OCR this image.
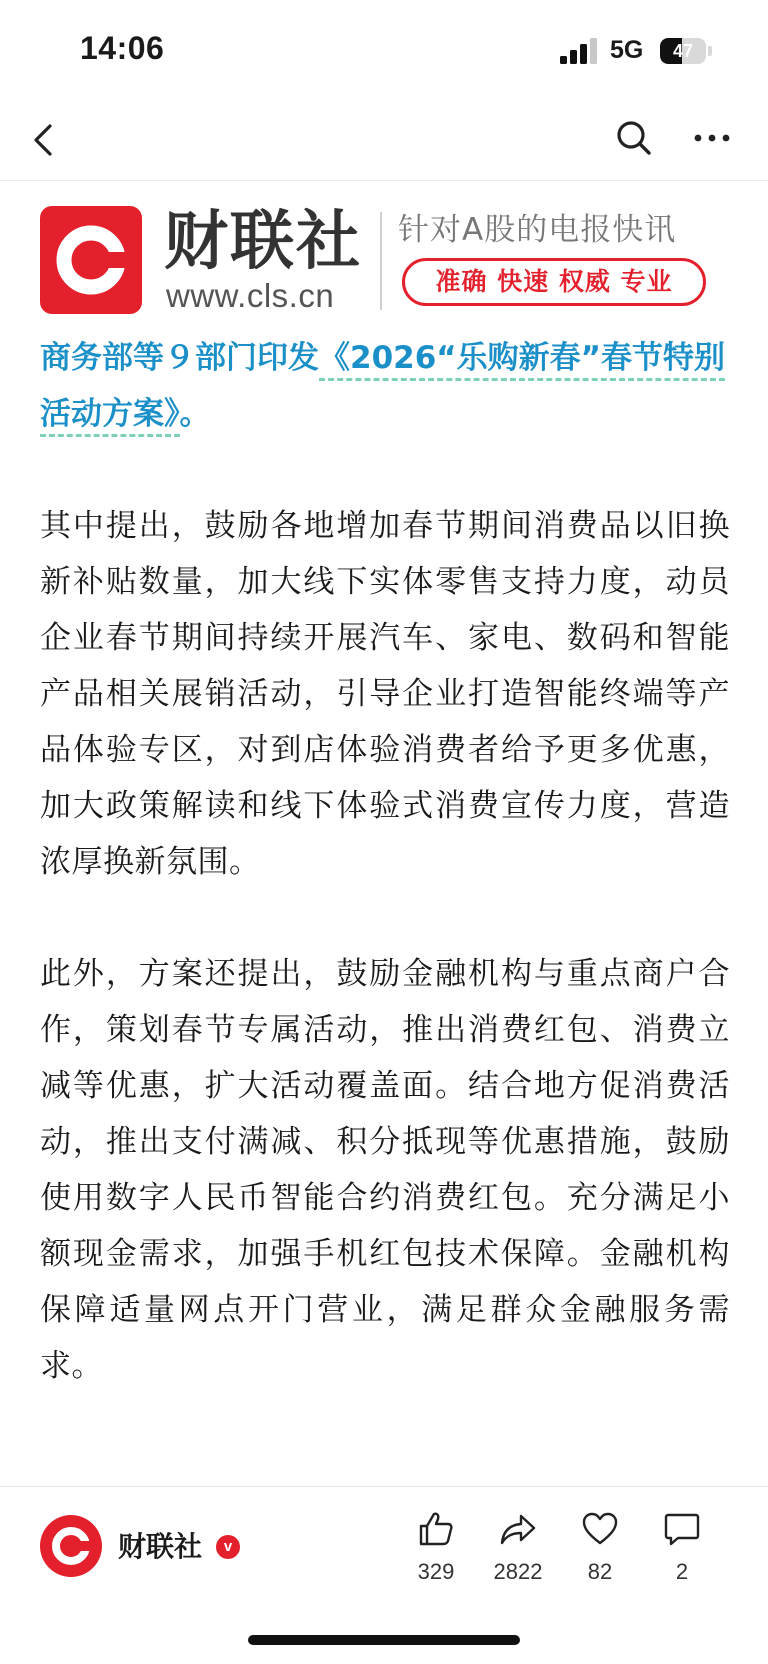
14:06	5G	47
财联社
www.cls.cn
针对A股的电报快讯
准确 快速 权威 专业

商务部等９部门印发《2026“乐购新春”春节特别活动方案》。

其中提出，鼓励各地增加春节期间消费品以旧换新补贴数量，加大线下实体零售支持力度，动员企业春节期间持续开展汽车、家电、数码和智能产品相关展销活动，引导企业打造智能终端等产品体验专区，对到店体验消费者给予更多优惠，加大政策解读和线下体验式消费宣传力度，营造浓厚换新氛围。

此外，方案还提出，鼓励金融机构与重点商户合作，策划春节专属活动，推出消费红包、消费立减等优惠，扩大活动覆盖面。结合地方促消费活动，推出支付满减、积分抵现等优惠措施，鼓励使用数字人民币智能合约消费红包。充分满足小额现金需求，加强手机红包技术保障。金融机构保障适量网点开门营业，满足群众金融服务需求。

财联社	v
329	2822	82	2
